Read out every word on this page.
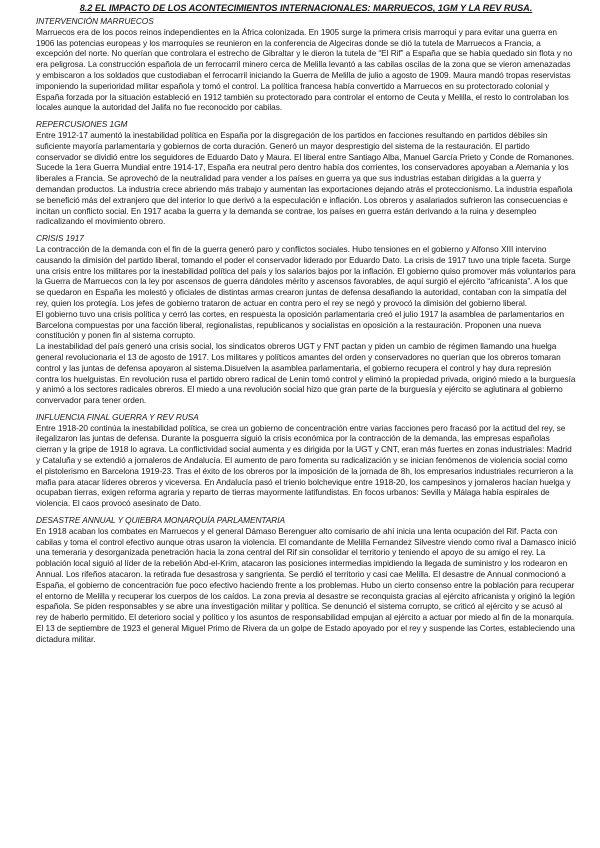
8.2 EL IMPACTO DE LOS ACONTECIMIENTOS INTERNACIONALES: MARRUECOS, 1GM Y LA REV RUSA.
INTERVENCIÓN MARRUECOS

Marruecos era de los pocos reinos independientes en la África colonizada. En 1905 surge la primera crisis marroquí y para evitar una guerra en 1906 las potencias europeas y los marroquíes se reunieron en la conferencia de Algeciras donde se dió la tutela de Marruecos a Francia, a excepción del norte. No querían que controlara el estrecho de Gibraltar y le dieron la tutela de “El Rif” a España que se había quedado sin flota y no era peligrosa. La construcción española de un ferrocarril minero cerca de Melilla levantó a las cabilas oscilas de la zona que se vieron amenazadas y embiscaron a los soldados que custodiaban el ferrocarril iniciando la Guerra de Melilla de julio a agosto de 1909. Maura mandó tropas reservistas imponiendo la superioridad militar española y tomó el control. La política francesa había convertido a Marruecos en su protectorado colonial y España forzada por la situación estableció en 1912 también su protectorado para controlar el entorno de Ceuta y Melilla, el resto lo controlaban los locales aunque la autoridad del Jalifa no fue reconocido por cabilas.

REPERCUSIONES 1GM

Entre 1912-17 aumentó la inestabilidad política en España por la disgregación de los partidos en facciones resultando en partidos débiles sin suficiente mayoría parlamentaria y gobiernos de corta duración. Generó un mayor desprestigio del sistema de la restauración. El partido conservador se dividió entre los seguidores de Eduardo Dato y Maura. El liberal entre Santiago Alba, Manuel García Prieto y Conde de Romanones. Sucede la 1era Guerra Mundial entre 1914-17, España era neutral pero dentro había dos corrientes, los conservadores apoyaban a Alemania y los liberales a Francia. Se aprovechó de la neutralidad para vender a los países en guerra ya que sus industrias estaban dirigidas a la guerra y demandan productos. La industria crece abriendo más trabajo y aumentan las exportaciones dejando atrás el proteccionismo. La industria española se benefició más del extranjero que del interior lo que derivó a la especulación e inflación. Los obreros y asalariados sufrieron las consecuencias e incitan un conflicto social. En 1917 acaba la guerra y la demanda se contrae, los países en guerra están derivando a la ruina y desempleo radicalizando el movimiento obrero.

CRISIS 1917

La contracción de la demanda con el fin de la guerra generó paro y conflictos sociales. Hubo tensiones en el gobierno y Alfonso XIII intervino causando la dimisión del partido liberal, tomando el poder el conservador liderado por Eduardo Dato. La crisis de 1917 tuvo una triple faceta. Surge una crisis entre los militares por la inestabilidad política del país y los salarios bajos por la inflación. El gobierno quiso promover más voluntarios para la Guerra de Marruecos con la ley por ascensos de guerra dándoles mérito y ascensos favorables, de aquí surgió el ejército “africanista”. A los que se quedaron en España les molestó y oficiales de distintas armas crearon juntas de defensa desafiando la autoridad, contaban con la simpatía del rey, quien los protegía. Los jefes de gobierno trataron de actuar en contra pero el rey se negó y provocó la dimisión del gobierno liberal.

El gobierno tuvo una crisis política y cerró las cortes, en respuesta la oposición parlamentaria creó el julio 1917 la asamblea de parlamentarios en Barcelona compuestas por una facción liberal, regionalistas, republicanos y socialistas en oposición a la restauración. Proponen una nueva constitución y ponen fin al sistema corrupto.

La inestabilidad del país generó una crisis social, los sindicatos obreros UGT y FNT pactan y piden un cambio de régimen llamando una huelga general revolucionaria el 13 de agosto de 1917. Los militares y políticos amantes del orden y conservadores no querían que los obreros tomaran control y las juntas de defensa apoyaron al sistema.Disuelven la asamblea parlamentaria, el gobierno recupera el control y hay dura represión contra los huelguistas. En revolución rusa el partido obrero radical de Lenin tomó control y eliminó la propiedad privada, originó miedo a la burguesía y animó a los sectores radicales obreros. El miedo a una revolución social hizo que gran parte de la burguesía y ejército se aglutinara al gobierno convervador para tener orden.

INFLUENCIA FINAL GUERRA Y REV RUSA

Entre 1918-20 continúa la inestabilidad política, se crea un gobierno de concentración entre varias facciones pero fracasó por la actitud del rey, se ilegalizaron las juntas de defensa. Durante la posguerra siguió la crisis económica por la contracción de la demanda, las empresas españolas cierran y la gripe de 1918 lo agrava. La conflictividad social aumenta y es dirigida por la UGT y CNT, eran más fuertes en zonas industriales: Madrid y Cataluña y se extendió a jornaleros de Andalucía. El aumento de paro fomenta su radicalización y se inician fenómenos de violencia social como el pistolerismo en Barcelona 1919-23. Tras el éxito de los obreros por la imposición de la jornada de 8h, los empresarios industriales recurrieron a la mafia para atacar líderes obreros y viceversa. En Andalucía pasó el trienio bolchevique entre 1918-20, los campesinos y jornaleros hacían huelga y ocupaban tierras, exigen reforma agraria y reparto de tierras mayormente latifundistas. En focos urbanos: Sevilla y Málaga había espirales de violencia. El caos provocó asesinato de Dato.

DESASTRE ANNUAL Y QUIEBRA MONARQUÍA PARLAMENTARIA

En 1918 acaban los combates en Marruecos y el general Dámaso Berenguer alto comisario de ahí inicia una lenta ocupación del Rif. Pacta con cabilas y toma el control efectivo aunque otras usaron la violencia. El comandante de Melilla Fernandez Silvestre viendo como rival a Damasco inició una temeraria y desorganizada penetración hacia la zona central del Rif sin consolidar el territorio y teniendo el apoyo de su amigo el rey. La población local siguió al líder de la rebelión Abd-el-Krim, atacaron las posiciones intermedias impidiendo la llegada de suministro y los rodearon en Annual. Los rifeños atacaron. la retirada fue desastrosa y sangrienta. Se perdió el territorio y casi cae Melilla. El desastre de Annual conmocionó a España, el gobierno de concentración fue poco efectivo haciendo frente a los problemas. Hubo un cierto consenso entre la población para recuperar el entorno de Melilla y recuperar los cuerpos de los caídos. La zona previa al desastre se reconquista gracias al ejército africanista y originó la legión española. Se piden responsables y se abre una investigación militar y política. Se denunció el sistema corrupto, se criticó al ejército y se acusó al rey de haberlo permitido. El deterioro social y político y los asuntos de responsabilidad empujan al ejército a actuar por miedo al fin de la monarquía. El 13 de septiembre de 1923 el general Miguel Primo de Rivera da un golpe de Estado apoyado por el rey y suspende las Cortes, estableciendo una dictadura militar.
